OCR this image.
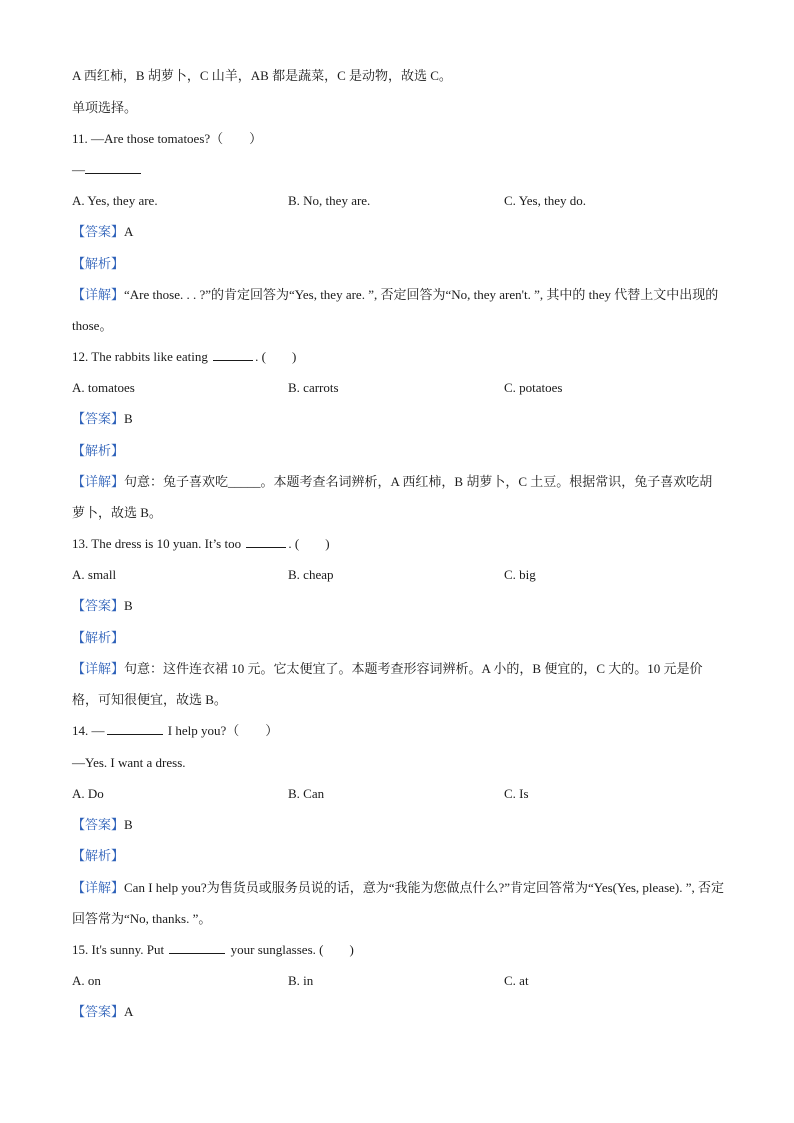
A 西红柿，B 胡萝卜，C 山羊，AB 都是蔬菜，C 是动物，故选 C。
单项选择。
11. —Are those tomatoes?（　　）
—
A. Yes, they are.	B. No, they are.	C. Yes, they do.
【答案】A
【解析】
【详解】“Are those. . . ?”的肯定回答为“Yes, they are. ”, 否定回答为“No, they aren't. ”, 其中的 they 代替上文中出现的 those。
12. The rabbits like eating	. (　　)
A. tomatoes	B. carrots	C. potatoes
【答案】B
【解析】
【详解】句意：兔子喜欢吃_____。本题考查名词辨析，A 西红柿，B 胡萝卜，C 土豆。根据常识，兔子喜欢吃胡萝卜，故选 B。
13. The dress is 10 yuan. It’s too	. (　　)
A. small	B. cheap	C. big
【答案】B
【解析】
【详解】句意：这件连衣裙 10 元。它太便宜了。本题考查形容词辨析。A 小的，B 便宜的，C 大的。10 元是价格，可知很便宜，故选 B。
14. —	I help you?（　　）
—Yes. I want a dress.
A. Do	B. Can	C. Is
【答案】B
【解析】
【详解】Can I help you?为售货员或服务员说的话，意为“我能为您做点什么?”肯定回答常为“Yes(Yes, please). ”, 否定回答常为“No, thanks. ”。
15. It's sunny. Put	your sunglasses. (　　)
A. on	B. in	C. at
【答案】A
